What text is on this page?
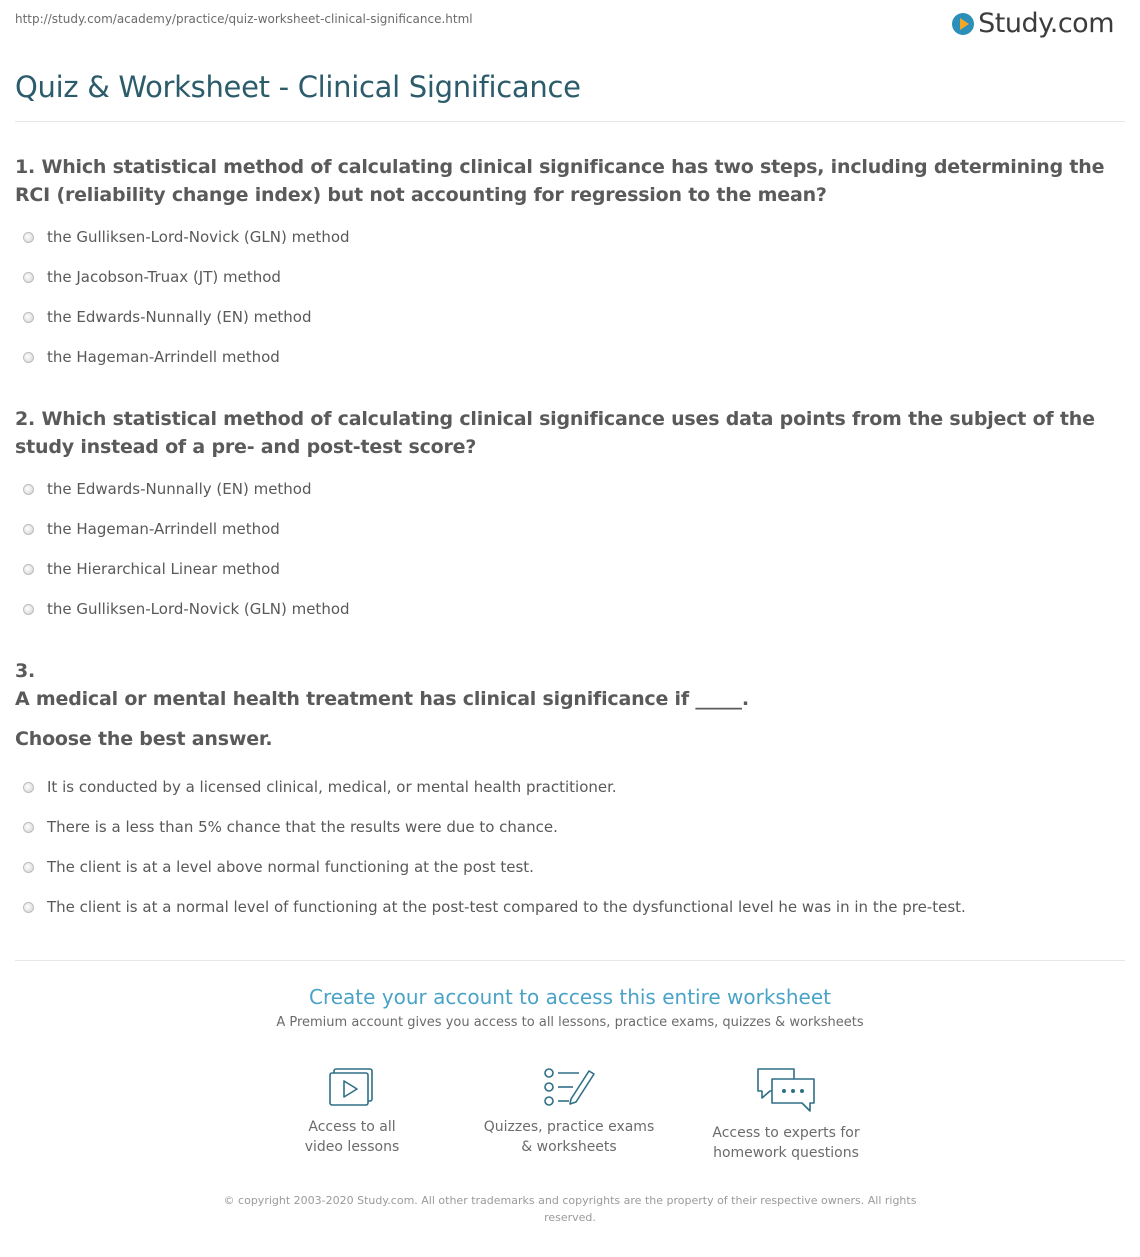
http://study.com/academy/practice/quiz-worksheet-clinical-significance.html	Study.com
Quiz & Worksheet - Clinical Significance

1. Which statistical method of calculating clinical significance has two steps, including determining the RCI (reliability change index) but not accounting for regression to the mean?

the Gulliksen-Lord-Novick (GLN) method
the Jacobson-Truax (JT) method
the Edwards-Nunnally (EN) method
the Hageman-Arrindell method

2. Which statistical method of calculating clinical significance uses data points from the subject of the study instead of a pre- and post-test score?

the Edwards-Nunnally (EN) method
the Hageman-Arrindell method
the Hierarchical Linear method
the Gulliksen-Lord-Novick (GLN) method

3.

A medical or mental health treatment has clinical significance if _____.

Choose the best answer.

It is conducted by a licensed clinical, medical, or mental health practitioner.
There is a less than 5% chance that the results were due to chance.
The client is at a level above normal functioning at the post test.
The client is at a normal level of functioning at the post-test compared to the dysfunctional level he was in in the pre-test.
Create your account to access this entire worksheet
A Premium account gives you access to all lessons, practice exams, quizzes & worksheets
Access to all
video lessons
Quizzes, practice exams
& worksheets
Access to experts for
homework questions
© copyright 2003-2020 Study.com. All other trademarks and copyrights are the property of their respective owners. All rights reserved.
